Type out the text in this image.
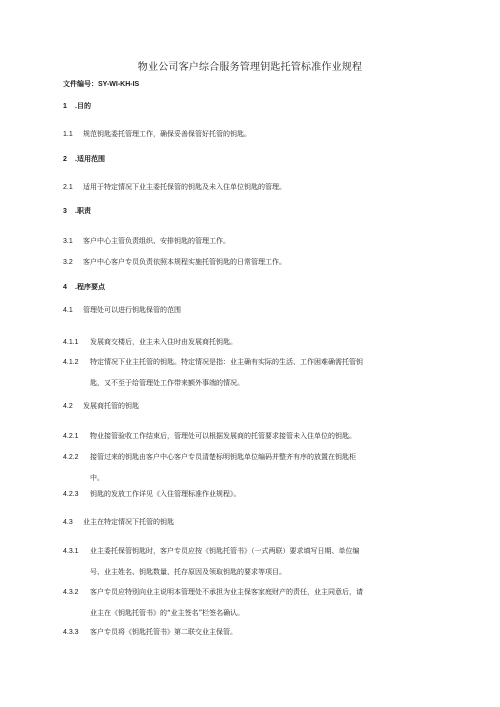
物业公司客户综合服务管理钥匙托管标准作业规程
文件编号：SY-WI-KH-IS
1 .目的
1.1 规范钥匙委托管理工作，确保妥善保管好托管的钥匙。
2 .适用范围
2.1 适用于特定情况下业主委托保管的钥匙及未入住单位钥匙的管理。
3 .职责
3.1 客户中心主管负责组织、安排钥匙的管理工作。
3.2 客户中心客户专员负责依照本规程实施托管钥匙的日常管理工作。
4 .程序要点
4.1 管理处可以进行钥匙保管的范围
4.1.1 发展商交楼后，业主未入住时由发展商托钥匙。
4.1.2 特定情况下业主托管的钥匙。特定情况是指：业主确有实际的生活、工作困难确需托管钥
匙，又不至于给管理处工作带来额外事端的情况。
4.2 发展商托管的钥匙
4.2.1 物业接管验收工作结束后，管理处可以根据发展商的托管要求接管未入住单位的钥匙。
4.2.2 接管过来的钥匙由客户中心客户专员清楚标明钥匙单位编码并整齐有序的放置在钥匙柜
中。
4.2.3 钥匙的发放工作详见《入住管理标准作业规程》。
4.3 业主在特定情况下托管的钥匙
4.3.1 业主委托保管钥匙时，客户专员应按《钥匙托管书》（一式两联）要求填写日期、单位编
号、业主姓名、钥匙数量、托存原因及领取钥匙的要求等项目。
4.3.2 客户专员应特别向业主说明本管理处不承担为业主保客家庭财产的责任，业主同意后，请
业主在《钥匙托管书》的“业主签名”栏签名确认。
4.3.3 客户专员将《钥匙托管书》第二联交业主保管。
